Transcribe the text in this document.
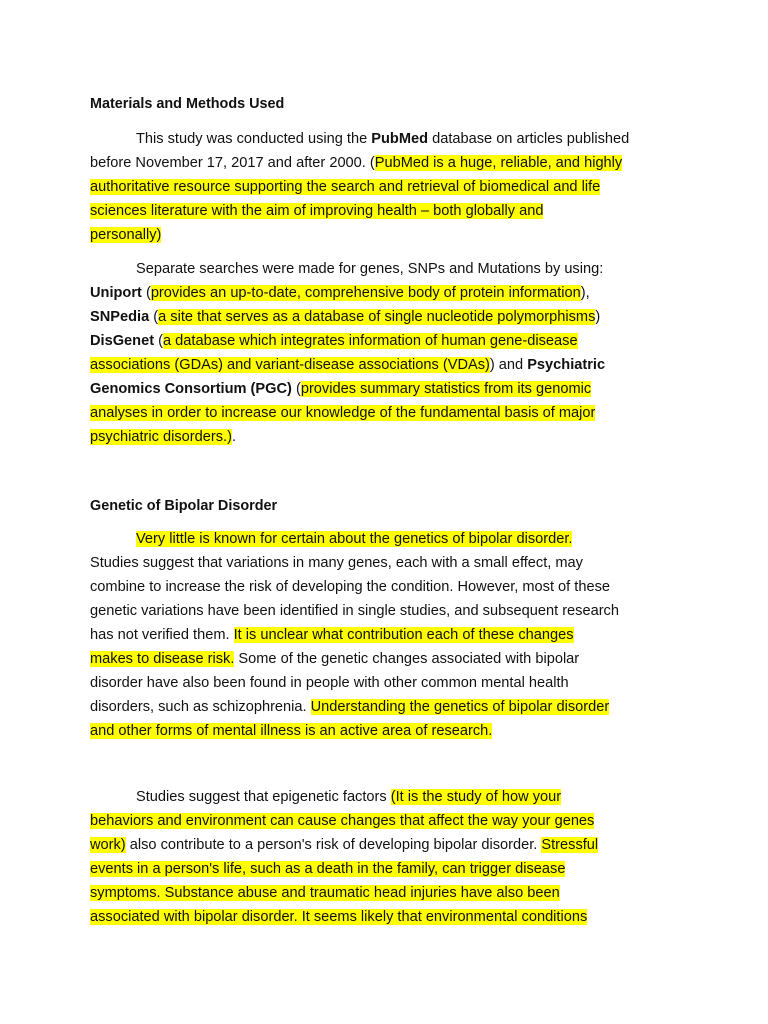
Materials and Methods Used
This study was conducted using the PubMed database on articles published
before November 17, 2017 and after 2000. (PubMed is a huge, reliable, and highly
authoritative resource supporting the search and retrieval of biomedical and life
sciences literature with the aim of improving health – both globally and
personally)
Separate searches were made for genes, SNPs and Mutations by using:
Uniport (provides an up-to-date, comprehensive body of protein information),
SNPedia (a site that serves as a database of single nucleotide polymorphisms)
DisGenet (a database which integrates information of human gene-disease
associations (GDAs) and variant-disease associations (VDAs)) and Psychiatric
Genomics Consortium (PGC) (provides summary statistics from its genomic
analyses in order to increase our knowledge of the fundamental basis of major
psychiatric disorders.).
Genetic of Bipolar Disorder
Very little is known for certain about the genetics of bipolar disorder.
Studies suggest that variations in many genes, each with a small effect, may
combine to increase the risk of developing the condition. However, most of these
genetic variations have been identified in single studies, and subsequent research
has not verified them. It is unclear what contribution each of these changes
makes to disease risk. Some of the genetic changes associated with bipolar
disorder have also been found in people with other common mental health
disorders, such as schizophrenia. Understanding the genetics of bipolar disorder
and other forms of mental illness is an active area of research.
Studies suggest that epigenetic factors (It is the study of how your
behaviors and environment can cause changes that affect the way your genes
work) also contribute to a person's risk of developing bipolar disorder. Stressful
events in a person's life, such as a death in the family, can trigger disease
symptoms. Substance abuse and traumatic head injuries have also been
associated with bipolar disorder. It seems likely that environmental conditions
